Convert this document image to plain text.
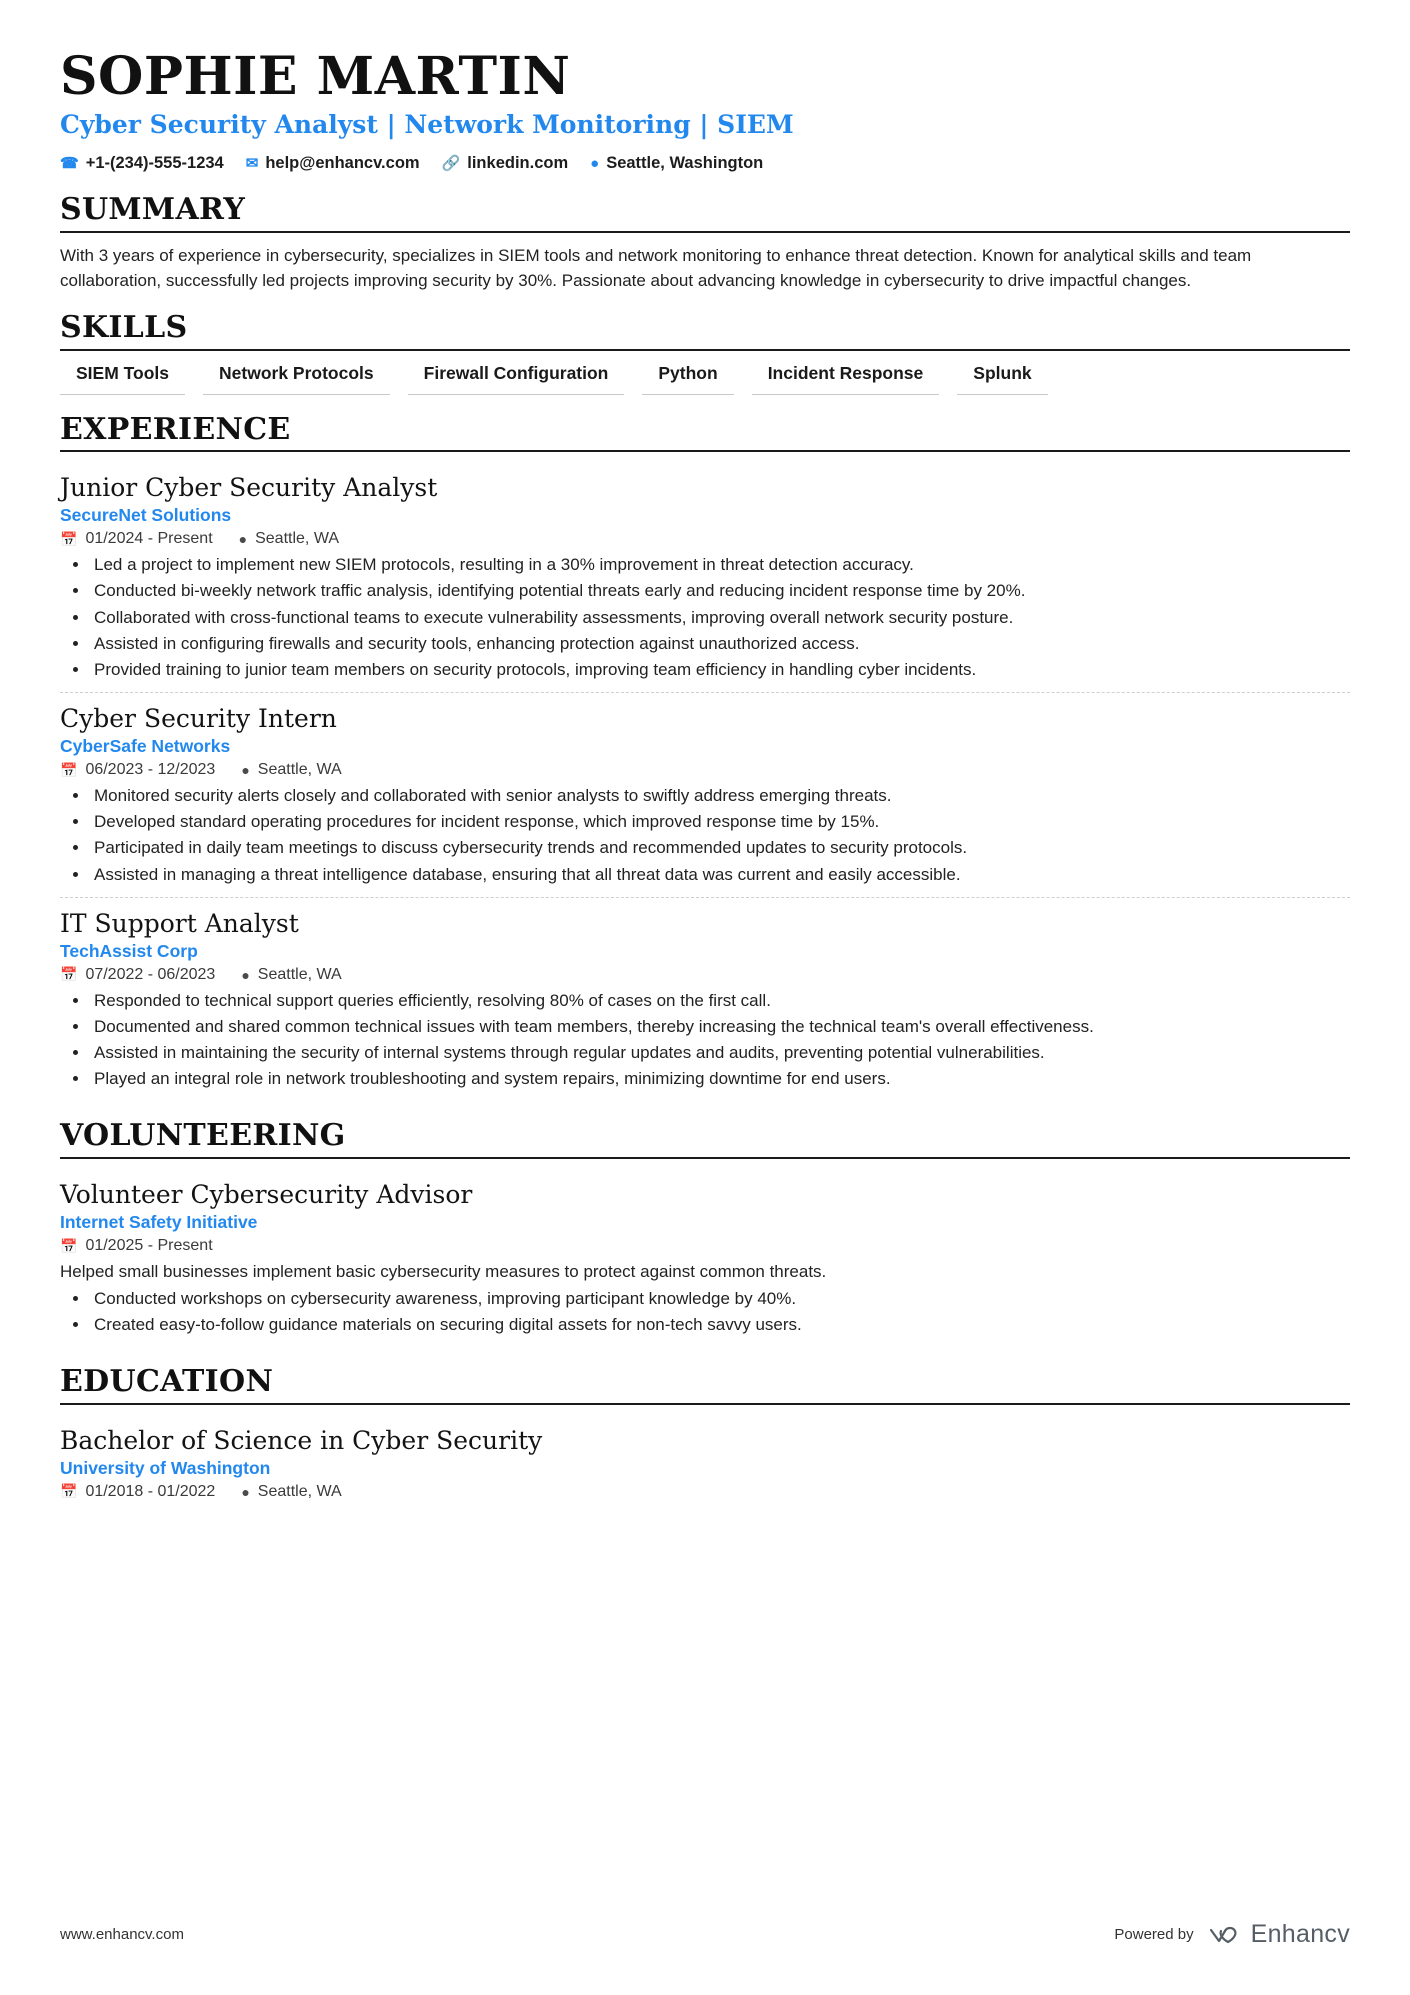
SOPHIE MARTIN
Cyber Security Analyst | Network Monitoring | SIEM
☎ +1-(234)-555-1234 ✉ help@enhancv.com 🔗 linkedin.com ● Seattle, Washington
SUMMARY

With 3 years of experience in cybersecurity, specializes in SIEM tools and network monitoring to enhance threat detection. Known for analytical skills and team collaboration, successfully led projects improving security by 30%. Passionate about advancing knowledge in cybersecurity to drive impactful changes.

SKILLS
SIEM Tools	Network Protocols	Firewall Configuration	Python	Incident Response	Splunk
EXPERIENCE
Junior Cyber Security Analyst
SecureNet Solutions
📅 01/2024 - Present ● Seattle, WA
• Led a project to implement new SIEM protocols, resulting in a 30% improvement in threat detection accuracy.
• Conducted bi-weekly network traffic analysis, identifying potential threats early and reducing incident response time by 20%.
• Collaborated with cross-functional teams to execute vulnerability assessments, improving overall network security posture.
• Assisted in configuring firewalls and security tools, enhancing protection against unauthorized access.
• Provided training to junior team members on security protocols, improving team efficiency in handling cyber incidents.
Cyber Security Intern
CyberSafe Networks
📅 06/2023 - 12/2023 ● Seattle, WA
• Monitored security alerts closely and collaborated with senior analysts to swiftly address emerging threats.
• Developed standard operating procedures for incident response, which improved response time by 15%.
• Participated in daily team meetings to discuss cybersecurity trends and recommended updates to security protocols.
• Assisted in managing a threat intelligence database, ensuring that all threat data was current and easily accessible.
IT Support Analyst
TechAssist Corp
📅 07/2022 - 06/2023 ● Seattle, WA
• Responded to technical support queries efficiently, resolving 80% of cases on the first call.
• Documented and shared common technical issues with team members, thereby increasing the technical team's overall effectiveness.
• Assisted in maintaining the security of internal systems through regular updates and audits, preventing potential vulnerabilities.
• Played an integral role in network troubleshooting and system repairs, minimizing downtime for end users.
VOLUNTEERING
Volunteer Cybersecurity Advisor
Internet Safety Initiative
📅 01/2025 - Present

Helped small businesses implement basic cybersecurity measures to protect against common threats.

• Conducted workshops on cybersecurity awareness, improving participant knowledge by 40%.
• Created easy-to-follow guidance materials on securing digital assets for non-tech savvy users.
EDUCATION
Bachelor of Science in Cyber Security
University of Washington
📅 01/2018 - 01/2022 ● Seattle, WA
www.enhancv.com	Powered by Enhancv
